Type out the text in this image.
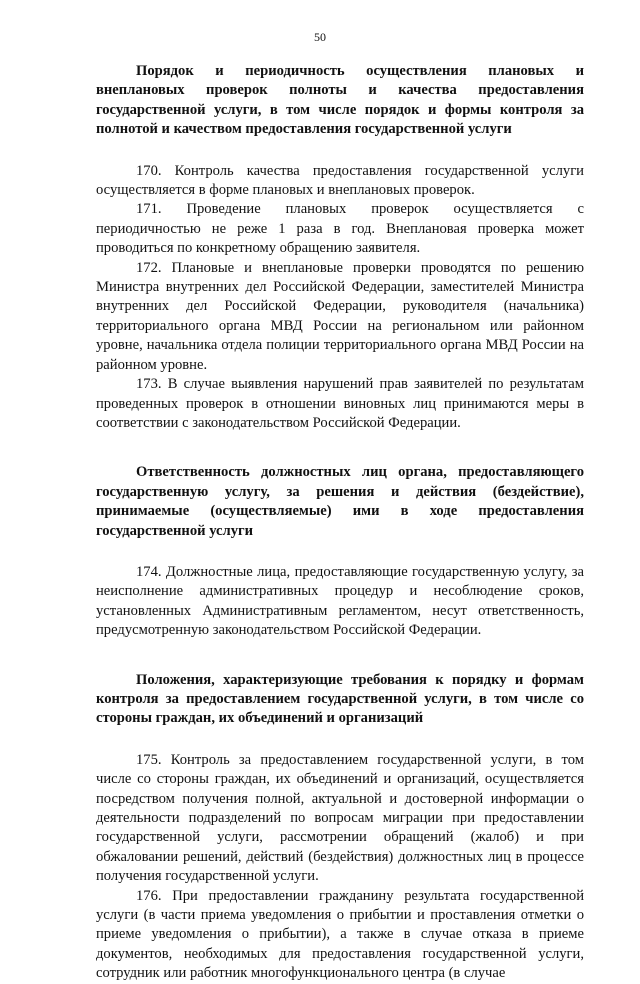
50

Порядок и периодичность осуществления плановых и внеплановых проверок полноты и качества предоставления государственной услуги, в том числе порядок и формы контроля за полнотой и качеством предоставления государственной услуги

170. Контроль качества предоставления государственной услуги осуществляется в форме плановых и внеплановых проверок.

171. Проведение плановых проверок осуществляется с периодичностью не реже 1 раза в год. Внеплановая проверка может проводиться по конкретному обращению заявителя.

172. Плановые и внеплановые проверки проводятся по решению Министра внутренних дел Российской Федерации, заместителей Министра внутренних дел Российской Федерации, руководителя (начальника) территориального органа МВД России на региональном или районном уровне, начальника отдела полиции территориального органа МВД России на районном уровне.

173. В случае выявления нарушений прав заявителей по результатам проведенных проверок в отношении виновных лиц принимаются меры в соответствии с законодательством Российской Федерации.

Ответственность должностных лиц органа, предоставляющего государственную услугу, за решения и действия (бездействие), принимаемые (осуществляемые) ими в ходе предоставления государственной услуги

174. Должностные лица, предоставляющие государственную услугу, за неисполнение административных процедур и несоблюдение сроков, установленных Административным регламентом, несут ответственность, предусмотренную законодательством Российской Федерации.

Положения, характеризующие требования к порядку и формам контроля за предоставлением государственной услуги, в том числе со стороны граждан, их объединений и организаций

175. Контроль за предоставлением государственной услуги, в том числе со стороны граждан, их объединений и организаций, осуществляется посредством получения полной, актуальной и достоверной информации о деятельности подразделений по вопросам миграции при предоставлении государственной услуги, рассмотрении обращений (жалоб) и при обжаловании решений, действий (бездействия) должностных лиц в процессе получения государственной услуги.

176. При предоставлении гражданину результата государственной услуги (в части приема уведомления о прибытии и проставления отметки о приеме уведомления о прибытии), а также в случае отказа в приеме документов, необходимых для предоставления государственной услуги, сотрудник или работник многофункционального центра (в случае
